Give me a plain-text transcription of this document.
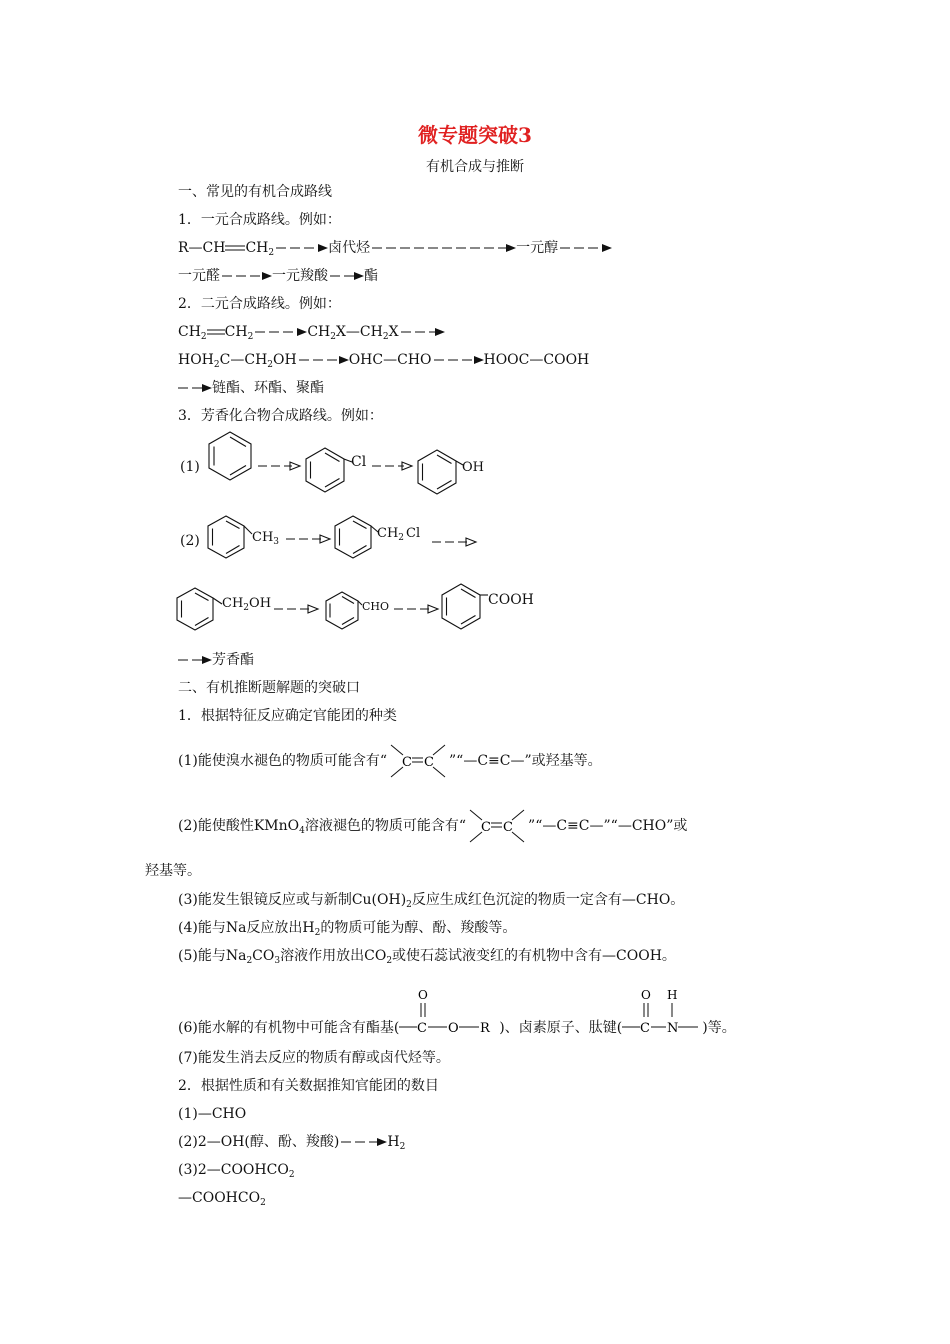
微专题突破3
有机合成与推断
一、常见的有机合成路线
1．一元合成路线。例如：
R—CH $CH_2$	卤代烃	一元醇
一元醛	一元羧酸	酯
2．二元合成路线。例如：
$CH_2$ $CH_2$	$CH_2X—CH_2X$
$HOH_2C—CH_2OH$	OHC—CHO	HOOC—COOH
链酯、环酯、聚酯
3．芳香化合物合成路线。例如：
(1)	Cl	OH
(2)	$CH_3$
$CH_2$ Cl
$CH_2OH$	CHO	COOH
芳香酯
二、有机推断题解题的突破口
1．根据特征反应确定官能团的种类
(1)能使溴水褪色的物质可能含有“ C C ”“—C≡C—”或羟基等。
(2)能使酸性KMnO$_4$溶液褪色的物质可能含有“ C C ”“—C≡C—”“—CHO”或
羟基等。
(3)能发生银镜反应或与新制$Cu(OH)_2$反应生成红色沉淀的物质一定含有—CHO。
(4)能与Na反应放出$H_2$的物质可能为醇、酚、羧酸等。
(5)能与$Na_2CO_3$溶液作用放出$CO_2$或使石蕊试液变红的有机物中含有—COOH。
(6)能水解的有机物中可能含有酯基(
O
C O R )、卤素原子、肽键(
O
C
H
N )等。
(7)能发生消去反应的物质有醇或卤代烃等。
2．根据性质和有关数据推知官能团的数目
(1)—CHO
(2)2—OH(醇、酚、羧酸)	$H_2$
$(3)2—COOHCO_2$
$—COOHCO_2$
